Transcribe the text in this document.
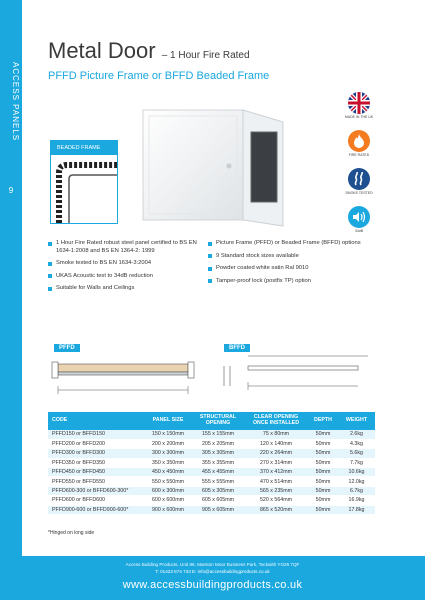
ACCESS PANELS
9
Metal Door – 1 Hour Fire Rated
PFFD Picture Frame or BFFD Beaded Frame
BEADED FRAME
MADE IN THE UK
FIRE RATED
SMOKE TESTED
34dB
1 Hour Fire Rated robust steel panel certified to BS EN 1634-1:2008 and BS EN 1364-2: 1999
Smoke tested to BS EN 1634-3:2004
UKAS Acoustic test to 34dB reduction
Suitable for Walls and Ceilings
Picture Frame (PFFD) or Beaded Frame (BFFD) options
9 Standard stock sizes available
Powder coated white satin Ral 9010
Tamper-proof lock (postfix TP) option
PFFD	BFFD
CODE	PANEL SIZE	STRUCTURAL OPENING	CLEAR OPENING ONCE INSTALLED	DEPTH	WEIGHT
PFFD150 or BFFD150	150 x 150mm	155 x 155mm	75 x 80mm	50mm	2.6kg
PFFD200 or BFFD200	200 x 200mm	205 x 205mm	120 x 140mm	50mm	4.3kg
PFFD300 or BFFD300	300 x 300mm	305 x 305mm	220 x 264mm	50mm	5.6kg
PFFD350 or BFFD350	350 x 350mm	355 x 355mm	270 x 314mm	50mm	7.7kg
PFFD450 or BFFD450	450 x 450mm	455 x 455mm	370 x 412mm	50mm	10.6kg
PFFD550 or BFFD550	550 x 550mm	555 x 555mm	470 x 514mm	50mm	12.0kg
PFFD600-300 or BFFD600-300*	600 x 300mm	605 x 305mm	565 x 235mm	50mm	6.7kg
PFFD600 or BFFD600	600 x 600mm	605 x 605mm	520 x 564mm	50mm	16.9kg
PFFD900-600 or BFFD900-600*	900 x 600mm	905 x 605mm	865 x 520mm	50mm	17.8kg
*Hinged on long side
Access Building Products, Unit 86, Marston Moor Business Park, Tockwith YO26 7QF
T: 01423 874 733 E: info@accessbuildingproducts.co.uk
www.accessbuildingproducts.co.uk
